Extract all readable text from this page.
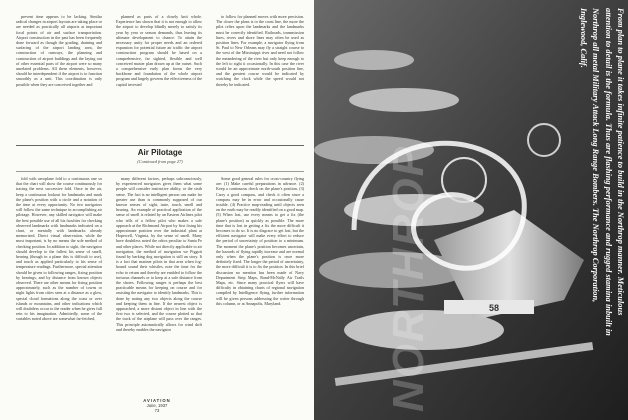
prevent time appears to be lacking. Similar radical changes in airport layouts are taking place or are needed as practically all airports at important focal points of air and surface transportation. Airport construction in the past has been frequently done forward as though the grading, draining and surfacing of the airport landing area, the construction of runways, the planning and construction of airport buildings and the laying out of other essential parts of the airport were so many unrelated problems. All these elements, however, should be interdependent if the airport is to function smoothly as a unit. This coordination is only possible when they are conceived together and

planned as parts of a closely knit whole. Experience has shown that it is not enough to allow the airport to develop blindly merely to satisfy its year by year or season demands, thus leaving its ultimate development to chance. To attain the necessary unity for proper needs and an ordered expansion for potential future air traffic the airport construction program should be based on a comprehensive, far sighted, flexible and well conceived master plan drawn up at the outset. Such a comprehensive early plan forms the very backbone and foundation of the whole airport program and largely governs the effectiveness of the capital invested

to follow for planned moves with more precision. The closer the plans is to the coast line, the more the pilot relies upon the landmarks and the landmarks must be correctly identified. Railroads, transmission lines, rivers and shore lines may often be used as position lines. For example, a navigator flying from St. Paul to New Orleans may fly a straight course to the west of the Mississippi river and need not follow the meandering of the river but only keep enough to the left to sight it occasionally. In this case the river would be an approximate north-south position line, and the greatest course would be indicated by watching the clock while the speed would not thereby be indicated.

Air Pilotage
(Continued from page 27)

fold with aeroplane fold to a continuous one so that the chart will show the course continuously for tracing the next successive fold. Once in the air, keep a continuous lookout for landmarks and mark the plane's position with a circle and a notation of the time at every opportunity. No two navigators will follow the same technique in accomplishing air pilotage. However, any skilled navigator will make the best possible use of all his faculties for checking observed landmarks with landmarks indicated on a chart, or mentally with landmarks already memorized. Direct visual observation, while the most important, is by no means the sole method of checking position. In addition to sight, the navigator should develop to the fullest his sense of smell, hearing (though in a plane this is difficult to use), and touch as applied particularly to his sense of temperature readings. Furthermore, special attention should be given to following ranges, fixing position by bearings, and by distance from known objects observed. There are other means for fixing position approximately, such as the number of towns or night lights from cities seen at a distance as a glow, special cloud formations along the coast or over islands or mountains, and other indications which will doubtless occur to the reader when he gives full rein to his imagination. Admittedly, some of the variables noted above are somewhat far-fetched,

many different factors, perhaps subconsciously, by experienced navigators gives them what some people will consider instinctive ability, or the sixth sense. The fact is no intelligent person can make far greater use than is commonly supposed of our known senses of sight, taste, touch, smell and hearing. An example of practical application of the sense of smell is related by an Eastern Airlines pilot who tells of a fellow pilot who makes a safe approach at the Richmond Airport by first fixing his approximate position over the industrial plant at Hopewell, Virginia, by the sense of smell. Many have doubtless noted the odors peculiar to Santa Fe and other places. While not directly applicable to air navigation, the method of navigation we Piggott found by barking dog navigation is still an story. It is a fact that mariner pilots in that area when fog-bound sound their whistles, note the time for the echo to return and thereby are enabled to follow the tortuous channels or to keep at a safe distance from the shores. Following ranges is perhaps the best practicable means for keeping on course and for assisting the navigator to identify landmarks. This is done by noting any two objects along the course and keeping them in line. If the nearest object is approached, a more distant object in line with the first two is selected, and the course plotted so that the track of the airplane will pass over the ranges. This principle automatically allows for wind drift and thereby enables the navigator

Some good general rules for cross-country flying are: (1) Make careful preparations in advance. (2) Keep a continuous check on the plane's position. (3) Carry a good compass, and check it often since a compass may be in error and occasionally cause trouble. (4) Practice map-reading until objects seen on the earth may be readily identified on a good map. (5) When lost, use every means to get a fix (the plane's position) as quickly as possible. The more time that is lost in getting a fix the more difficult it becomes to do so. It is no disgrace to get lost, but the efficient navigator will make every effort to reduce the period of uncertainty of position to a minimum. The moment the plane's position becomes uncertain, the hazards of flying rapidly increase and are normal only when the plane's position is once more definitely fixed. The longer the period of uncertainty, the more difficult it is to fix the position. In this brief discussion no mention has been made of Navy Department Strip Maps, Rand-McNally Air Trails Maps, etc. Since many practical flyers will have difficulty in obtaining charts of regional navigation compiled by Intelligence flying, further information will be given persons addressing the writer through this column, or at Annapolis, Maryland.

AVIATION
June, 1937
73
58
NORTHROP	From plan to plane it takes infinite patience to build in the Northrop manner. Meticulous attention to detail is the formula. Thus are flashing performance and rugged stamina inbuilt in Northrop all metal Military Attack Long Range Bombers. The Northrop Corporation, Inglewood, Calif.
